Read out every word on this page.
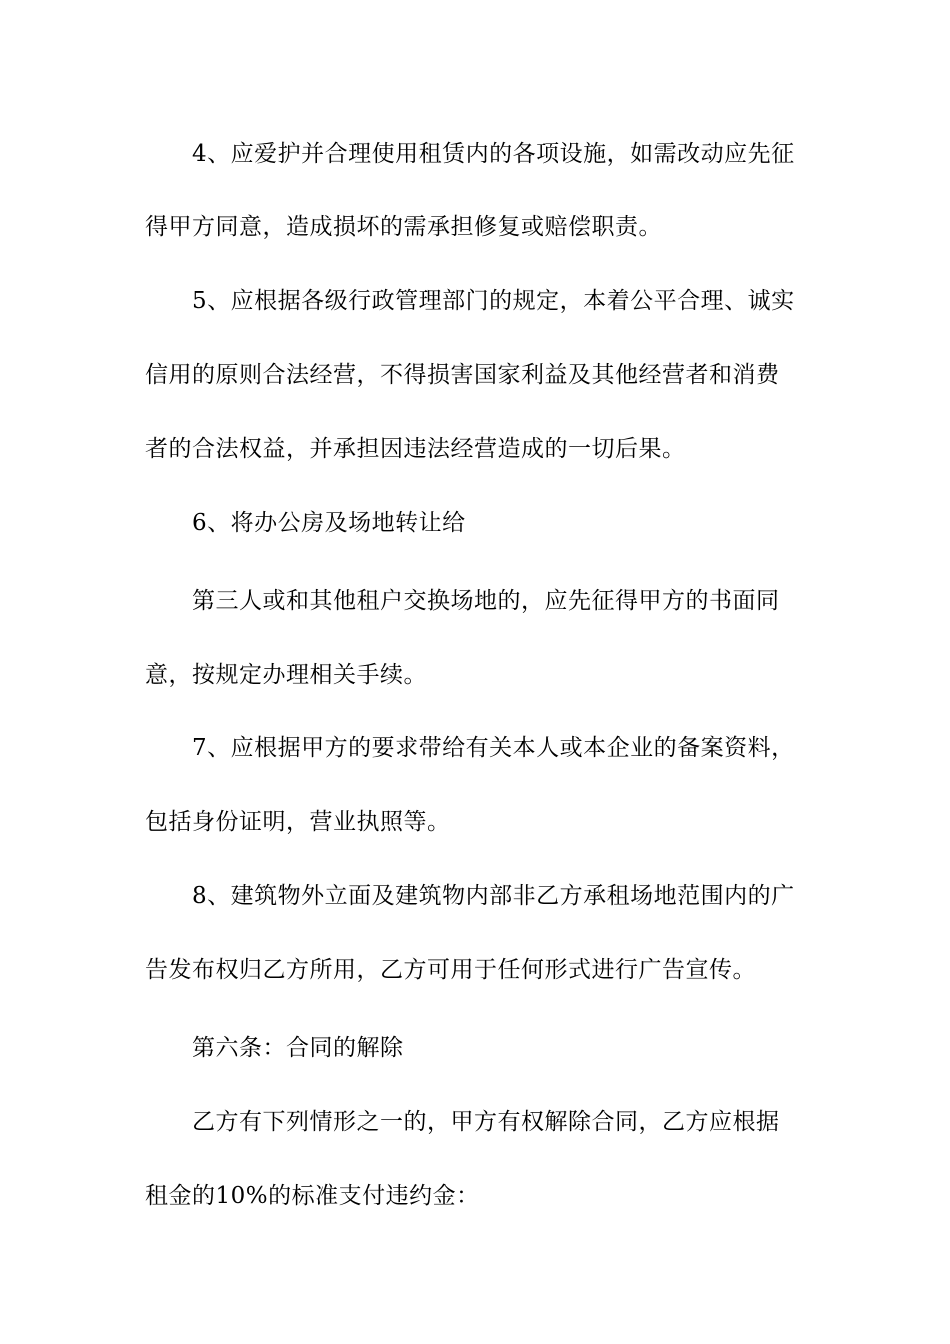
4、应爱护并合理使用租赁内的各项设施，如需改动应先征
得甲方同意，造成损坏的需承担修复或赔偿职责。
5、应根据各级行政管理部门的规定，本着公平合理、诚实
信用的原则合法经营，不得损害国家利益及其他经营者和消费
者的合法权益，并承担因违法经营造成的一切后果。
6、将办公房及场地转让给
第三人或和其他租户交换场地的，应先征得甲方的书面同
意，按规定办理相关手续。
7、应根据甲方的要求带给有关本人或本企业的备案资料，
包括身份证明，营业执照等。
8、建筑物外立面及建筑物内部非乙方承租场地范围内的广
告发布权归乙方所用，乙方可用于任何形式进行广告宣传。
第六条：合同的解除
乙方有下列情形之一的，甲方有权解除合同，乙方应根据
租金的10%的标准支付违约金：
